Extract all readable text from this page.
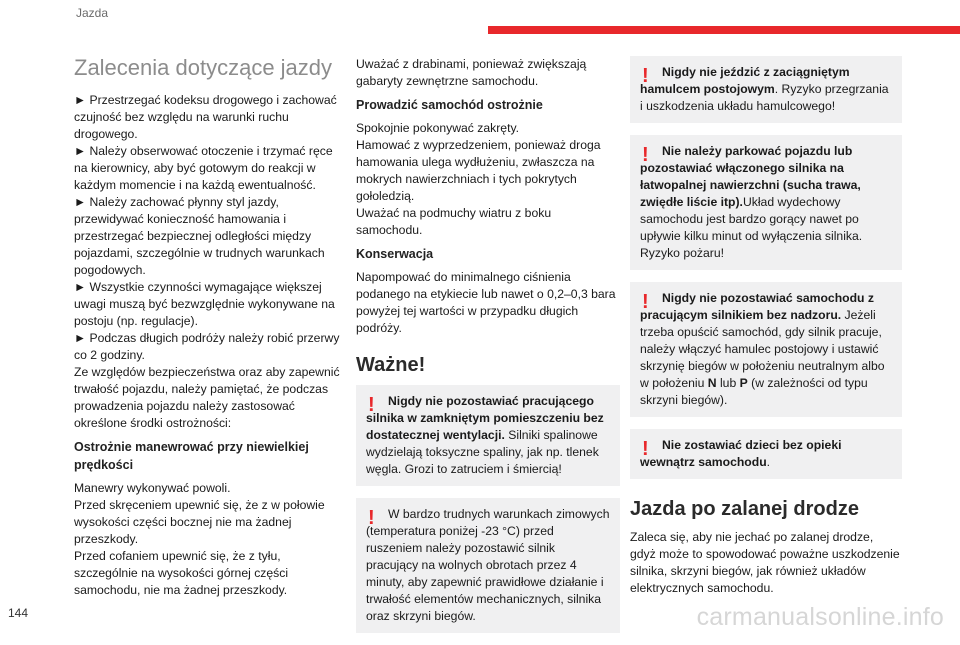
Jazda
Zalecenia dotyczące jazdy

► Przestrzegać kodeksu drogowego i zachować czujność bez względu na warunki ruchu drogowego.

► Należy obserwować otoczenie i trzymać ręce na kierownicy, aby być gotowym do reakcji w każdym momencie i na każdą ewentualność.

► Należy zachować płynny styl jazdy, przewidywać konieczność hamowania i przestrzegać bezpiecznej odległości między pojazdami, szczególnie w trudnych warunkach pogodowych.

► Wszystkie czynności wymagające większej uwagi muszą być bezwzględnie wykonywane na postoju (np. regulacje).

► Podczas długich podróży należy robić przerwy co 2 godziny.

Ze względów bezpieczeństwa oraz aby zapewnić trwałość pojazdu, należy pamiętać, że podczas prowadzenia pojazdu należy zastosować określone środki ostrożności:

Ostrożnie manewrować przy niewielkiej prędkości

Manewry wykonywać powoli.

Przed skręceniem upewnić się, że z w połowie wysokości części bocznej nie ma żadnej przeszkody.

Przed cofaniem upewnić się, że z tyłu, szczególnie na wysokości górnej części samochodu, nie ma żadnej przeszkody.

Uważać z drabinami, ponieważ zwiększają gabaryty zewnętrzne samochodu.

Prowadzić samochód ostrożnie

Spokojnie pokonywać zakręty.

Hamować z wyprzedzeniem, ponieważ droga hamowania ulega wydłużeniu, zwłaszcza na mokrych nawierzchniach i tych pokrytych gołoledzią.

Uważać na podmuchy wiatru z boku samochodu.

Konserwacja

Napompować do minimalnego ciśnienia podanego na etykiecie lub nawet o 0,2–0,3 bara powyżej tej wartości w przypadku długich podróży.

Ważne!
!	Nigdy nie pozostawiać pracującego silnika w zamkniętym pomieszczeniu bez dostatecznej wentylacji. Silniki spalinowe wydzielają toksyczne spaliny, jak np. tlenek węgla. Grozi to zatruciem i śmiercią!

!	W bardzo trudnych warunkach zimowych (temperatura poniżej -23 °C) przed ruszeniem należy pozostawić silnik pracujący na wolnych obrotach przez 4 minuty, aby zapewnić prawidłowe działanie i trwałość elementów mechanicznych, silnika oraz skrzyni biegów.

!	Nigdy nie jeździć z zaciągniętym hamulcem postojowym. Ryzyko przegrzania i uszkodzenia układu hamulcowego!

!	Nie należy parkować pojazdu lub pozostawiać włączonego silnika na łatwopalnej nawierzchni (sucha trawa, zwiędłe liście itp).Układ wydechowy samochodu jest bardzo gorący nawet po upływie kilku minut od wyłączenia silnika. Ryzyko pożaru!

!	Nigdy nie pozostawiać samochodu z pracującym silnikiem bez nadzoru. Jeżeli trzeba opuścić samochód, gdy silnik pracuje, należy włączyć hamulec postojowy i ustawić skrzynię biegów w położeniu neutralnym albo w położeniu N lub P (w zależności od typu skrzyni biegów).

!	Nie zostawiać dzieci bez opieki wewnątrz samochodu.

Jazda po zalanej drodze

Zaleca się, aby nie jechać po zalanej drodze, gdyż może to spowodować poważne uszkodzenie silnika, skrzyni biegów, jak również układów elektrycznych samochodu.

144	carmanualsonline.info
